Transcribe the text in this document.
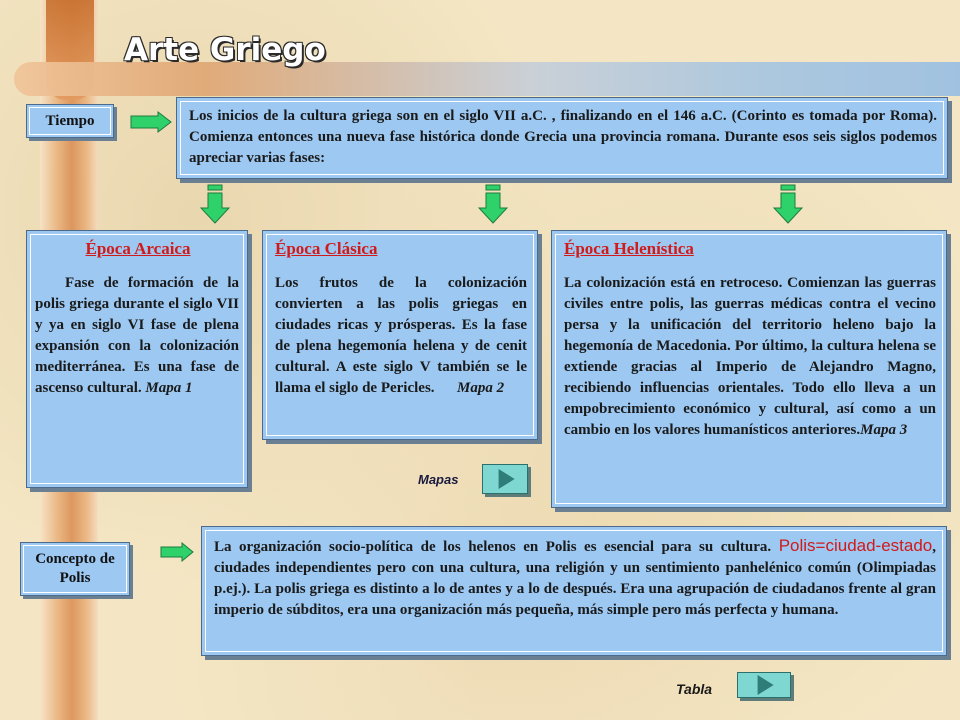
Arte Griego
Tiempo	Los inicios de la cultura griega son en el siglo VII a.C. , finalizando en el 146 a.C. (Corinto es tomada por Roma). Comienza entonces una nueva fase histórica donde Grecia una provincia romana. Durante esos seis siglos podemos apreciar varias fases:
Época Arcaica
Fase de formación de la polis griega durante el siglo VII y ya en siglo VI fase de plena expansión con la colonización mediterránea. Es una fase de ascenso cultural. Mapa 1
Época Clásica
Los frutos de la colonización convierten a las polis griegas en ciudades ricas y prósperas. Es la fase de plena hegemonía helena y de cenit cultural. A este siglo V también se le llama el siglo de Pericles. Mapa 2
Época Helenística
La colonización está en retroceso. Comienzan las guerras civiles entre polis, las guerras médicas contra el vecino persa y la unificación del territorio heleno bajo la hegemonía de Macedonia. Por último, la cultura helena se extiende gracias al Imperio de Alejandro Magno, recibiendo influencias orientales. Todo ello lleva a un empobrecimiento económico y cultural, así como a un cambio en los valores humanísticos anteriores.Mapa 3
Mapas
Concepto de Polis
La organización socio-política de los helenos en Polis es esencial para su cultura. Polis=ciudad-estado, ciudades independientes pero con una cultura, una religión y un sentimiento panhelénico común (Olimpiadas p.ej.). La polis griega es distinto a lo de antes y a lo de después. Era una agrupación de ciudadanos frente al gran imperio de súbditos, era una organización más pequeña, más simple pero más perfecta y humana.
Tabla
